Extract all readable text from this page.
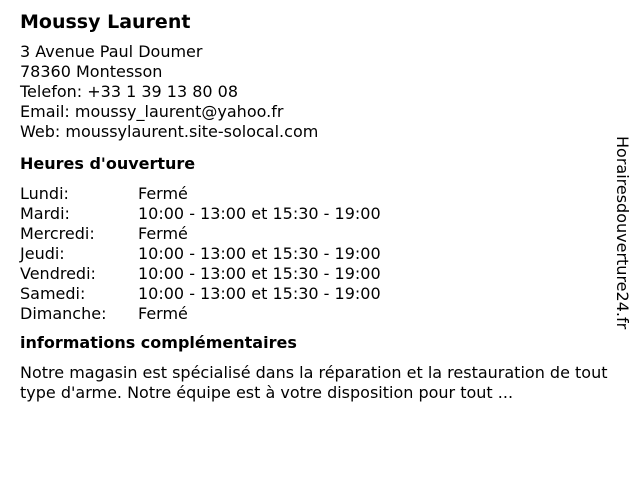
Moussy Laurent
3 Avenue Paul Doumer
78360 Montesson
Telefon: +33 1 39 13 80 08
Email: moussy_laurent@yahoo.fr
Web: moussylaurent.site-solocal.com
Heures d'ouverture
Lundi:	Fermé
Mardi:	10:00 - 13:00 et 15:30 - 19:00
Mercredi:	Fermé
Jeudi:	10:00 - 13:00 et 15:30 - 19:00
Vendredi:	10:00 - 13:00 et 15:30 - 19:00
Samedi:	10:00 - 13:00 et 15:30 - 19:00
Dimanche:	Fermé
informations complémentaires
Notre magasin est spécialisé dans la réparation et la restauration de tout type d'arme. Notre équipe est à votre disposition pour tout ...
Horairesdouverture24.fr
